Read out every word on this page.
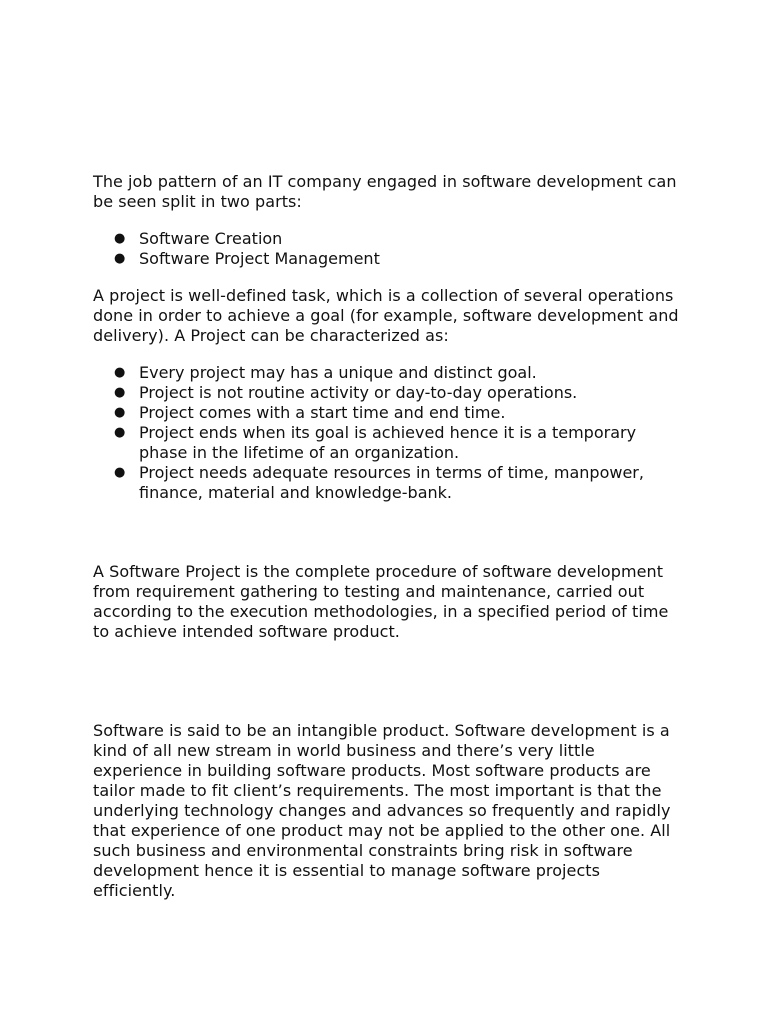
The job pattern of an IT company engaged in software development can be seen split in two parts:

● Software Creation
● Software Project Management

A project is well-defined task, which is a collection of several operations done in order to achieve a goal (for example, software development and delivery). A Project can be characterized as:

● Every project may has a unique and distinct goal.
● Project is not routine activity or day-to-day operations.
● Project comes with a start time and end time.
● Project ends when its goal is achieved hence it is a temporary phase in the lifetime of an organization.
● Project needs adequate resources in terms of time, manpower, finance, material and knowledge-bank.

A Software Project is the complete procedure of software development from requirement gathering to testing and maintenance, carried out according to the execution methodologies, in a specified period of time to achieve intended software product.

Software is said to be an intangible product. Software development is a kind of all new stream in world business and there’s very little experience in building software products. Most software products are tailor made to fit client’s requirements. The most important is that the underlying technology changes and advances so frequently and rapidly that experience of one product may not be applied to the other one. All such business and environmental constraints bring risk in software development hence it is essential to manage software projects efficiently.
